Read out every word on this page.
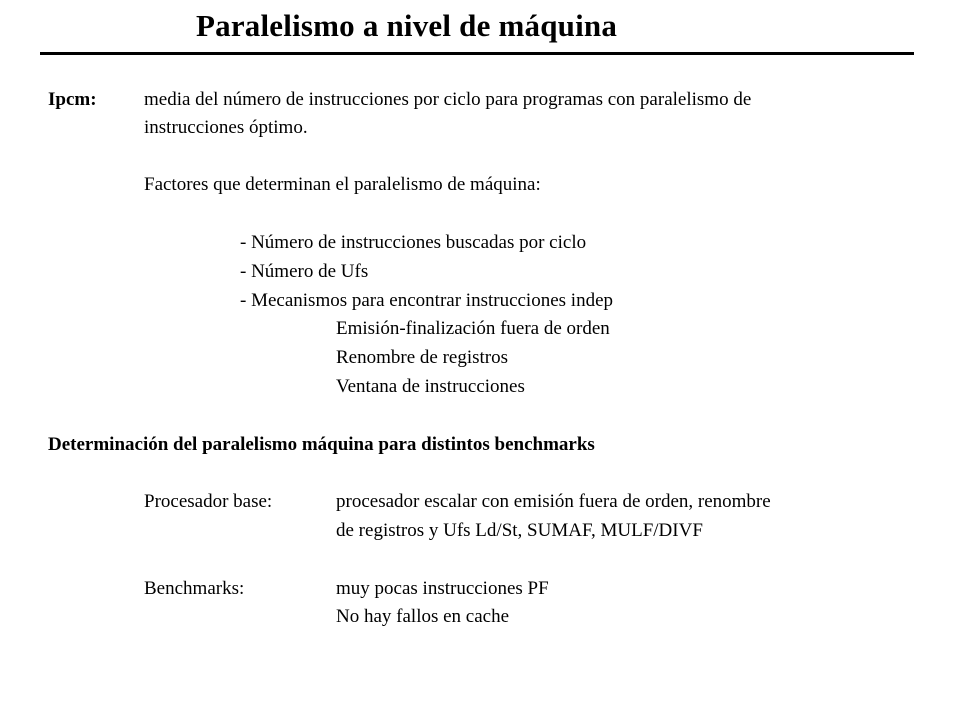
Paralelismo a nivel de máquina
Ipcm: media del número de instrucciones por ciclo para programas con paralelismo de
instrucciones óptimo.
Factores que determinan el paralelismo de máquina:
- Número de instrucciones buscadas por ciclo
- Número de Ufs
- Mecanismos para encontrar instrucciones indep
Emisión-finalización fuera de orden
Renombre de registros
Ventana de instrucciones
Determinación del paralelismo máquina para distintos benchmarks
Procesador base:	procesador escalar con emisión fuera de orden, renombre
de registros y Ufs Ld/St, SUMAF, MULF/DIVF
Benchmarks:	muy pocas instrucciones PF
No hay fallos en cache
